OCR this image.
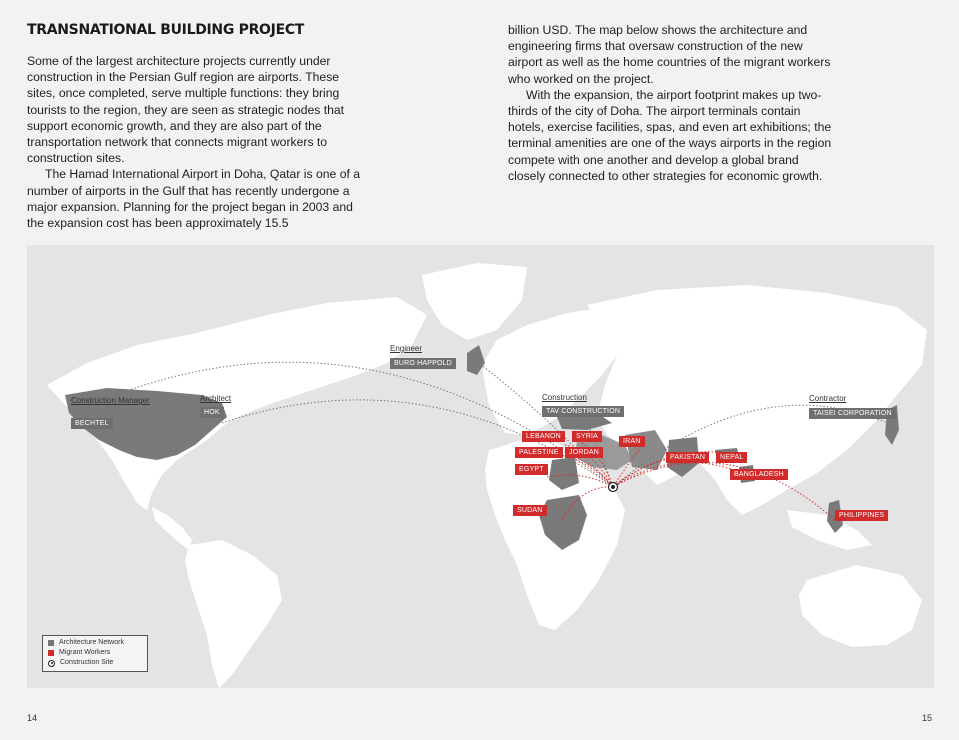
TRANSNATIONAL BUILDING PROJECT

Some of the largest architecture projects currently under construction in the Persian Gulf region are airports. These sites, once completed, serve multiple functions: they bring tourists to the region, they are seen as strategic nodes that support economic growth, and they are also part of the transportation network that connects migrant workers to construction sites.

The Hamad International Airport in Doha, Qatar is one of a number of airports in the Gulf that has recently undergone a major expansion. Planning for the project began in 2003 and the expansion cost has been approximately 15.5

billion USD. The map below shows the architecture and engineering firms that oversaw construction of the new airport as well as the home countries of the migrant workers who worked on the project.

With the expansion, the airport footprint makes up two-thirds of the city of Doha. The airport terminals contain hotels, exercise facilities, spas, and even art exhibitions; the terminal amenities are one of the ways airports in the region compete with one another and develop a global brand closely connected to other strategies for economic growth.

Construction Manager
BECHTEL
Architect
HOK
Engineer
BURO HAPPOLD
Construction
TAV CONSTRUCTION
Contractor
TAISEI CORPORATION
LEBANON	SYRIA
IRAN
PALESTINE	JORDAN
EGYPT
PAKISTAN	NEPAL
BANGLADESH
SUDAN
PHILIPPINES
Architecture Network
Migrant Workers
Construction Site
14	15
